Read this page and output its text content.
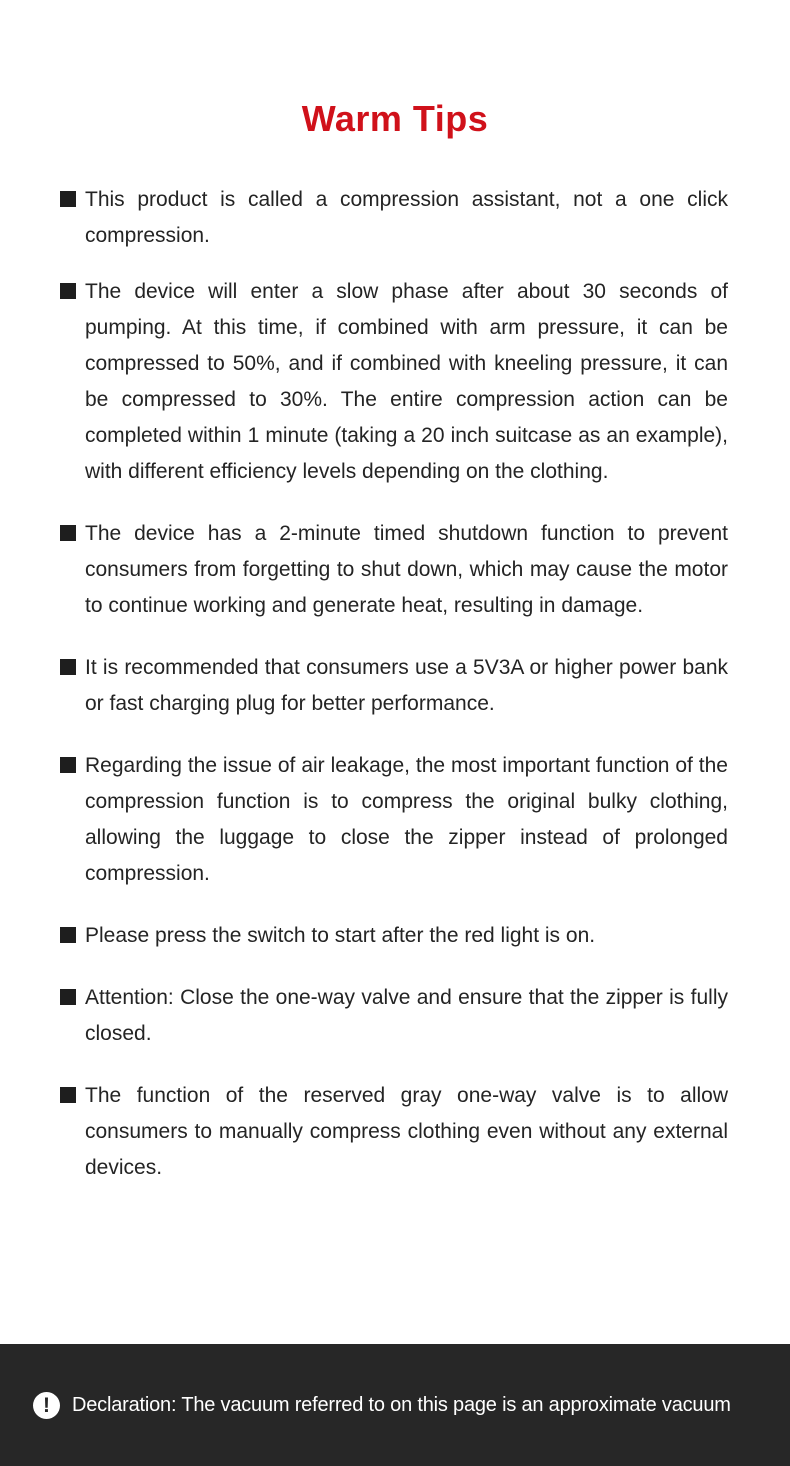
Warm Tips

This product is called a compression assistant, not a one click compression.

The device will enter a slow phase after about 30 seconds of pumping. At this time, if combined with arm pressure, it can be compressed to 50%, and if combined with kneeling pressure, it can be compressed to 30%. The entire compression action can be completed within 1 minute (taking a 20 inch suitcase as an example), with different efficiency levels depending on the clothing.

The device has a 2-minute timed shutdown function to prevent consumers from forgetting to shut down, which may cause the motor to continue working and generate heat, resulting in damage.

It is recommended that consumers use a 5V3A or higher power bank or fast charging plug for better performance.

Regarding the issue of air leakage, the most important function of the compression function is to compress the original bulky clothing, allowing the luggage to close the zipper instead of prolonged compression.

Please press the switch to start after the red light is on.

Attention: Close the one-way valve and ensure that the zipper is fully closed.

The function of the reserved gray one-way valve is to allow consumers to manually compress clothing even without any external devices.

!	Declaration: The vacuum referred to on this page is an approximate vacuum
